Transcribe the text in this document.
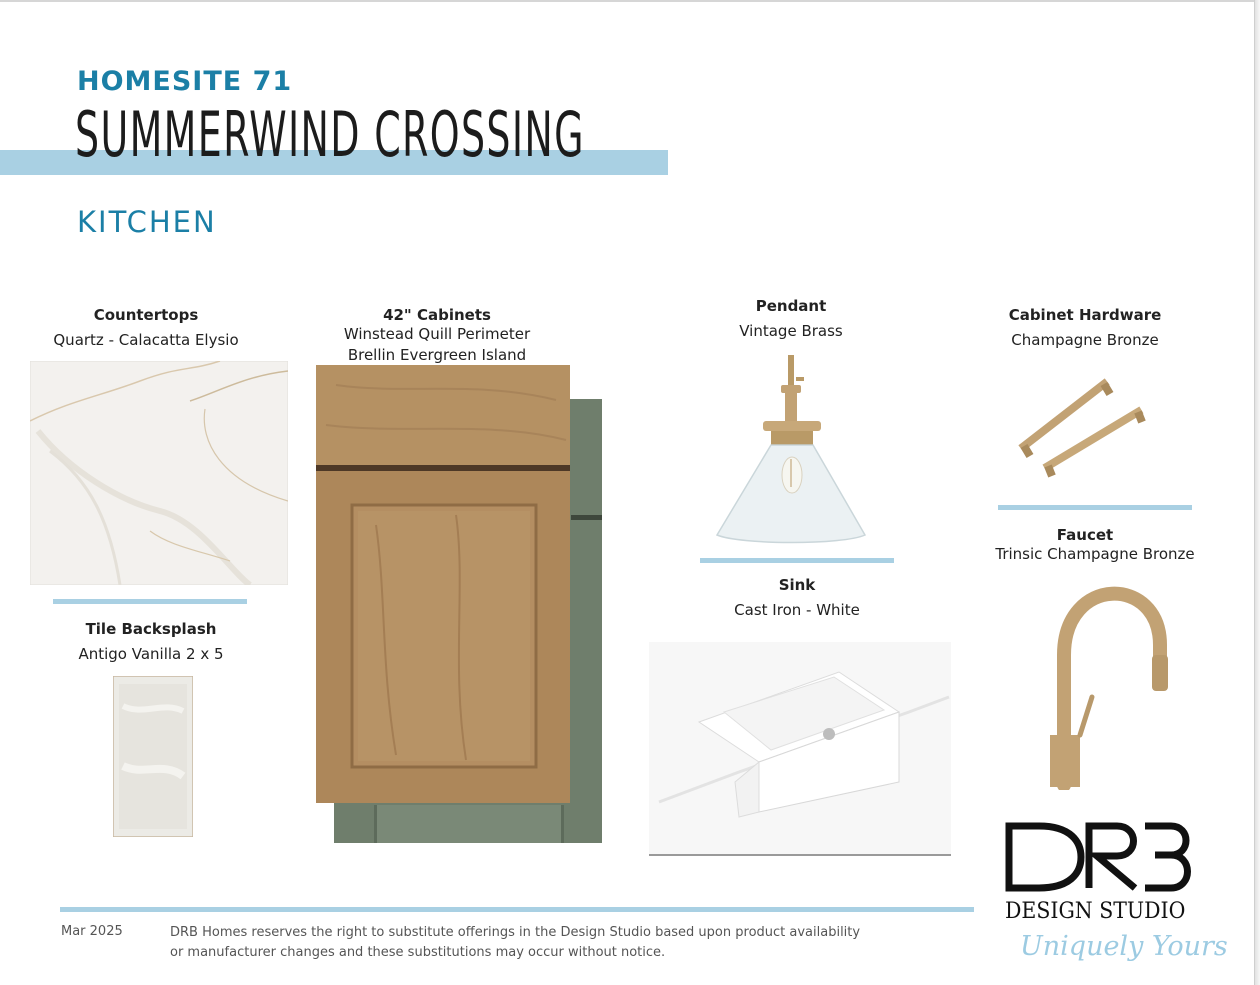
HOMESITE 71
SUMMERWIND CROSSING
KITCHEN
Countertops
Quartz - Calacatta Elysio
Tile Backsplash
Antigo Vanilla 2 x 5
42" Cabinets
Winstead Quill Perimeter
Brellin Evergreen Island
Pendant
Vintage Brass
Sink
Cast Iron - White
Cabinet Hardware
Champagne Bronze
Faucet
Trinsic Champagne Bronze
DRB
DESIGN STUDIO
Uniquely Yours
Mar 2025	DRB Homes reserves the right to substitute offerings in the Design Studio based upon product availability
or manufacturer changes and these substitutions may occur without notice.
